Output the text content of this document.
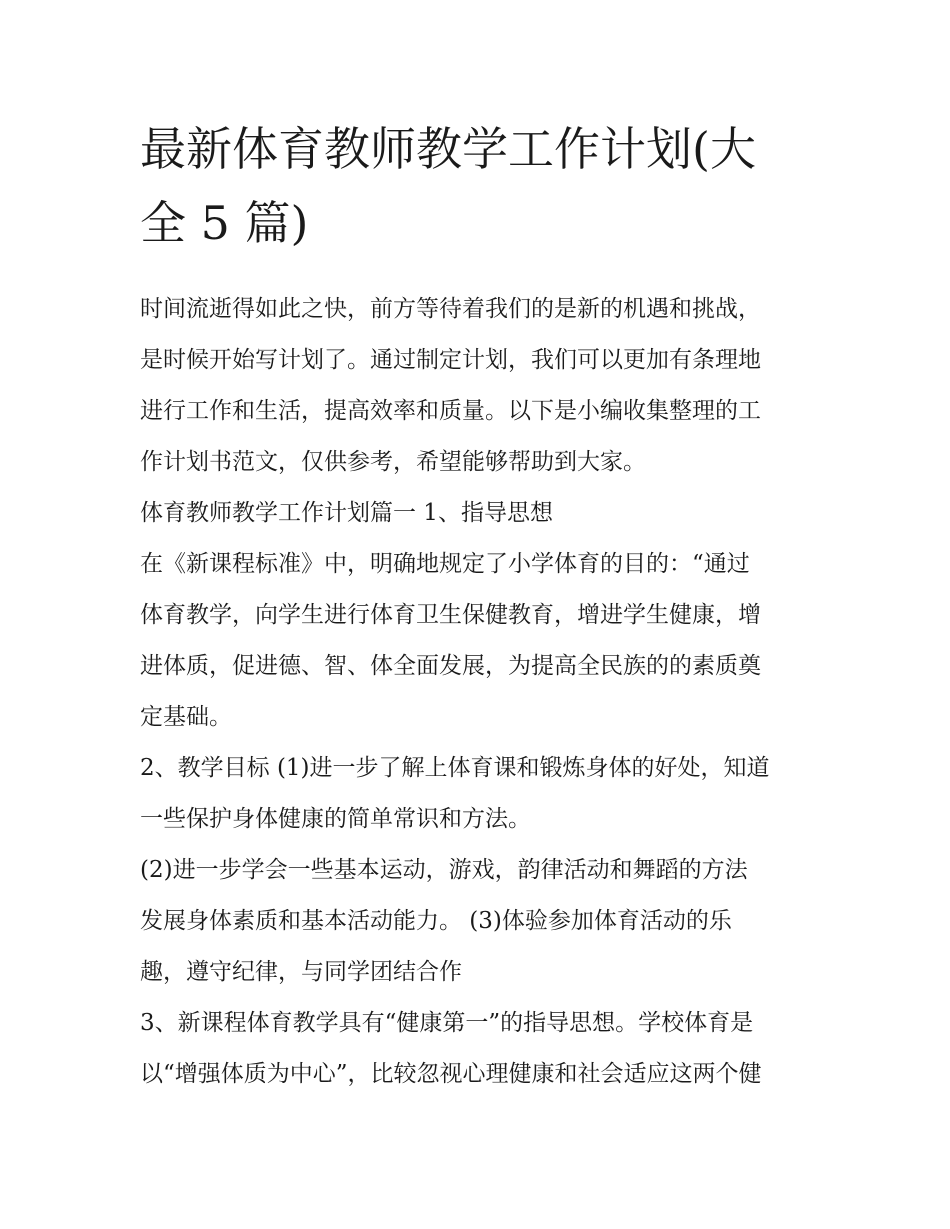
最新体育教师教学工作计划(大
全 5 篇)

时间流逝得如此之快，前方等待着我们的是新的机遇和挑战，
是时候开始写计划了。通过制定计划，我们可以更加有条理地
进行工作和生活，提高效率和质量。以下是小编收集整理的工
作计划书范文，仅供参考，希望能够帮助到大家。

体育教师教学工作计划篇一 1、指导思想

在《新课程标准》中，明确地规定了小学体育的目的：“通过
体育教学，向学生进行体育卫生保健教育，增进学生健康，增
进体质，促进德、智、体全面发展，为提高全民族的的素质奠
定基础。

2、教学目标 (1)进一步了解上体育课和锻炼身体的好处，知道
一些保护身体健康的简单常识和方法。

(2)进一步学会一些基本运动，游戏，韵律活动和舞蹈的方法
发展身体素质和基本活动能力。 (3)体验参加体育活动的乐
趣，遵守纪律，与同学团结合作

3、新课程体育教学具有“健康第一”的指导思想。学校体育是
以“增强体质为中心”，比较忽视心理健康和社会适应这两个健
